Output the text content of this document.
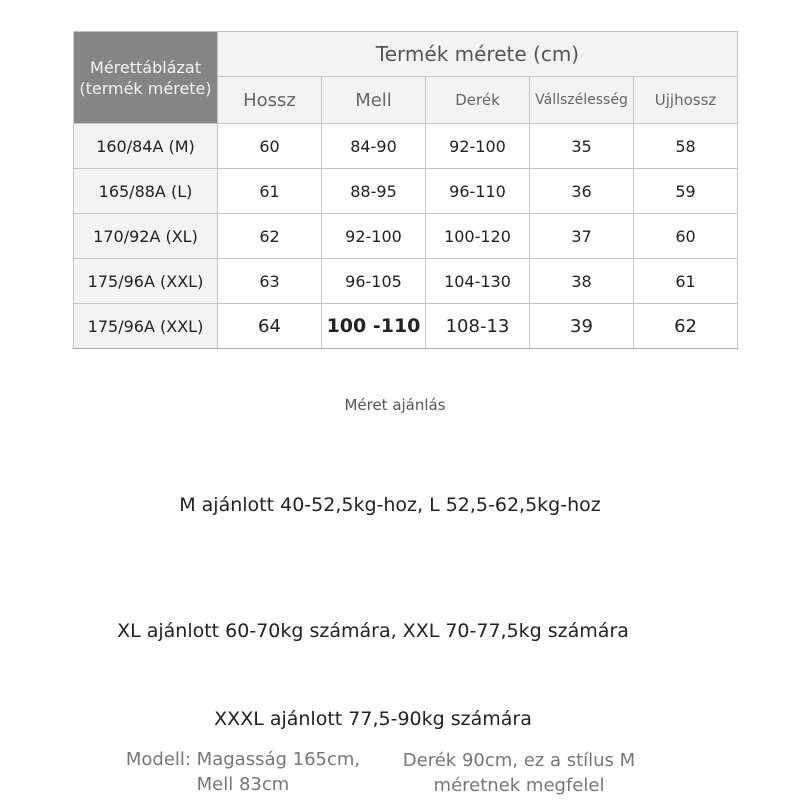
Mérettáblázat (termék mérete)	Termék mérete (cm)				
	Hossz	Mell	Derék	Vállszélesség	Ujjhossz
160/84A (M)	60	84-90	92-100	35	58
165/88A (L)	61	88-95	96-110	36	59
170/92A (XL)	62	92-100	100-120	37	60
175/96A (XXL)	63	96-105	104-130	38	61
175/96A (XXL)	64	100 -110	108-13	39	62
Méret ajánlás
M ajánlott 40-52,5kg-hoz, L 52,5-62,5kg-hoz
XL ajánlott 60-70kg számára, XXL 70-77,5kg számára
XXXL ajánlott 77,5-90kg számára
Modell: Magasság 165cm,
Mell 83cm
Derék 90cm, ez a stílus M
méretnek megfelel
